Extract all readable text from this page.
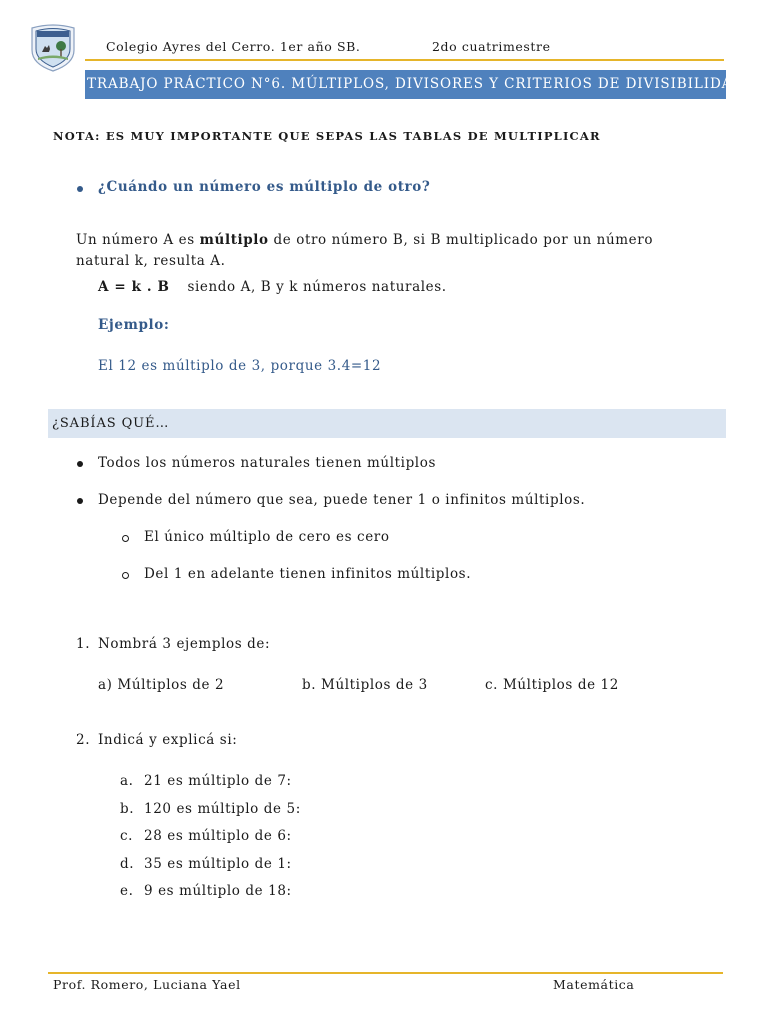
Colegio Ayres del Cerro. 1er año SB.	2do cuatrimestre
TRABAJO PRÁCTICO N°6. MÚLTIPLOS, DIVISORES Y CRITERIOS DE DIVISIBILIDAD
NOTA: ES MUY IMPORTANTE QUE SEPAS LAS TABLAS DE MULTIPLICAR
¿Cuándo un número es múltiplo de otro?
Un número A es múltiplo de otro número B, si B multiplicado por un número natural k, resulta A.
A = k . B siendo A, B y k números naturales.
Ejemplo:
El 12 es múltiplo de 3, porque 3.4=12
¿SABÍAS QUÉ…
Todos los números naturales tienen múltiplos
Depende del número que sea, puede tener 1 o infinitos múltiplos.
El único múltiplo de cero es cero
Del 1 en adelante tienen infinitos múltiplos.
1. Nombrá 3 ejemplos de:
a) Múltiplos de 2	b. Múltiplos de 3	c. Múltiplos de 12
2. Indicá y explicá si:
a. 21 es múltiplo de 7:
b. 120 es múltiplo de 5:
c. 28 es múltiplo de 6:
d. 35 es múltiplo de 1:
e. 9 es múltiplo de 18:
Prof. Romero, Luciana Yael	Matemática
